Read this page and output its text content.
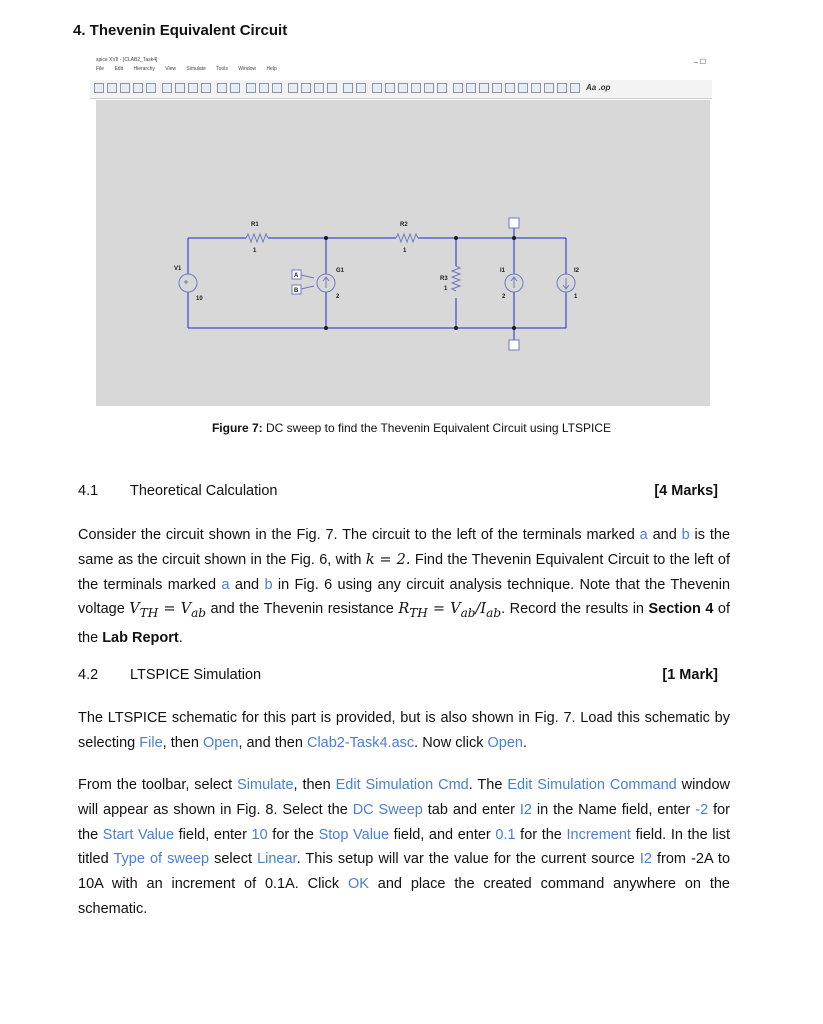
4. Thevenin Equivalent Circuit
spice XVII - [CLAB2_Task4]
File Edit Hierarchy View Simulate Tools Window Help
– ☐
Aa .op
R1
1
R2
1
R3
1
V1
10
G1
2
I1
2
I2
1
A
B
Figure 7: DC sweep to find the Thevenin Equivalent Circuit using LTSPICE
4.1 Theoretical Calculation	[4 Marks]
Consider the circuit shown in the Fig. 7. The circuit to the left of the terminals marked a and b is the same as the circuit shown in the Fig. 6, with k = 2. Find the Thevenin Equivalent Circuit to the left of the terminals marked a and b in Fig. 6 using any circuit analysis technique. Note that the Thevenin voltage $V_{TH} = V_{ab}$ and the Thevenin resistance $R_{TH} = V_{ab}/I_{ab}$. Record the results in Section 4 of the Lab Report.
4.2 LTSPICE Simulation	[1 Mark]
The LTSPICE schematic for this part is provided, but is also shown in Fig. 7. Load this schematic by selecting File, then Open, and then Clab2-Task4.asc. Now click Open.
From the toolbar, select Simulate, then Edit Simulation Cmd. The Edit Simulation Command window will appear as shown in Fig. 8. Select the DC Sweep tab and enter I2 in the Name field, enter -2 for the Start Value field, enter 10 for the Stop Value field, and enter 0.1 for the Increment field. In the list titled Type of sweep select Linear. This setup will var the value for the current source I2 from -2A to 10A with an increment of 0.1A. Click OK and place the created command anywhere on the schematic.
